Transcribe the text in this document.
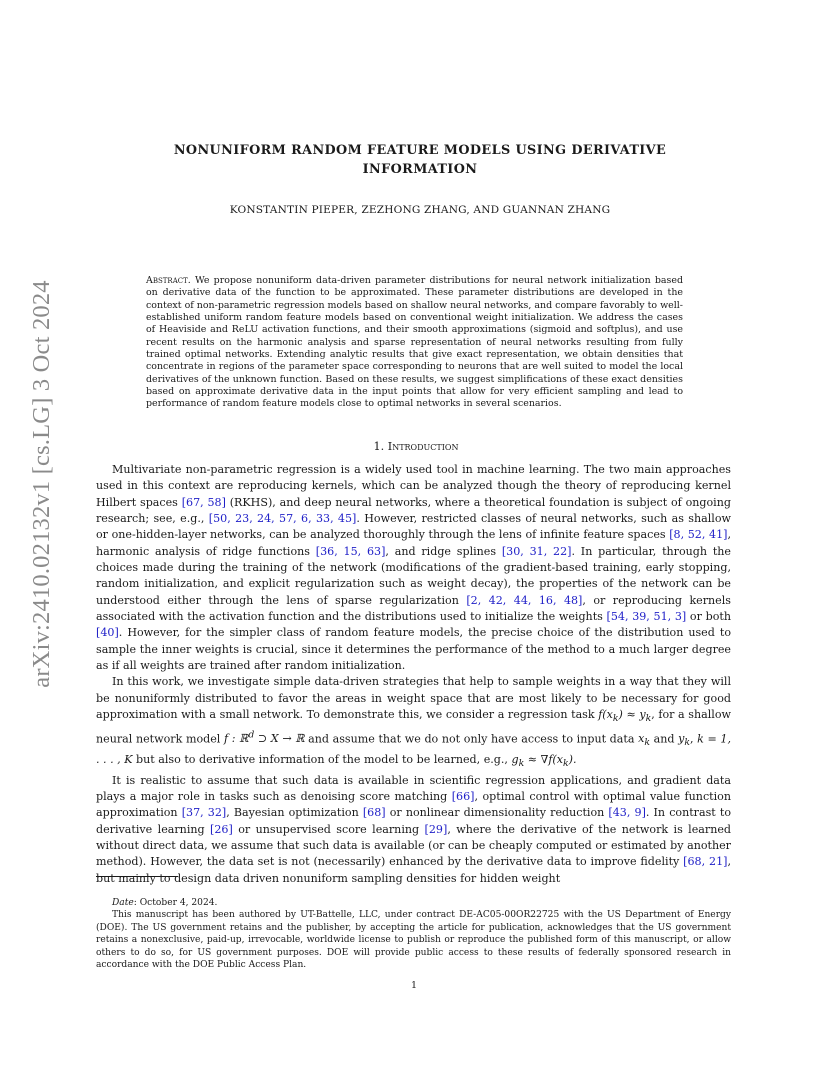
arXiv:2410.02132v1 [cs.LG] 3 Oct 2024
NONUNIFORM RANDOM FEATURE MODELS USING DERIVATIVE
INFORMATION
KONSTANTIN PIEPER, ZEZHONG ZHANG, AND GUANNAN ZHANG
Abstract. We propose nonuniform data-driven parameter distributions for neural network initialization based on derivative data of the function to be approximated. These parameter distributions are developed in the context of non-parametric regression models based on shallow neural networks, and compare favorably to well-established uniform random feature models based on conventional weight initialization. We address the cases of Heaviside and ReLU activation functions, and their smooth approximations (sigmoid and softplus), and use recent results on the harmonic analysis and sparse representation of neural networks resulting from fully trained optimal networks. Extending analytic results that give exact representation, we obtain densities that concentrate in regions of the parameter space corresponding to neurons that are well suited to model the local derivatives of the unknown function. Based on these results, we suggest simplifications of these exact densities based on approximate derivative data in the input points that allow for very efficient sampling and lead to performance of random feature models close to optimal networks in several scenarios.
1. Introduction

Multivariate non-parametric regression is a widely used tool in machine learning. The two main approaches used in this context are reproducing kernels, which can be analyzed though the theory of reproducing kernel Hilbert spaces [67, 58] (RKHS), and deep neural networks, where a theoretical foundation is subject of ongoing research; see, e.g., [50, 23, 24, 57, 6, 33, 45]. However, restricted classes of neural networks, such as shallow or one-hidden-layer networks, can be analyzed thoroughly through the lens of infinite feature spaces [8, 52, 41], harmonic analysis of ridge functions [36, 15, 63], and ridge splines [30, 31, 22]. In particular, through the choices made during the training of the network (modifications of the gradient-based training, early stopping, random initialization, and explicit regularization such as weight decay), the properties of the network can be understood either through the lens of sparse regularization [2, 42, 44, 16, 48], or reproducing kernels associated with the activation function and the distributions used to initialize the weights [54, 39, 51, 3] or both [40]. However, for the simpler class of random feature models, the precise choice of the distribution used to sample the inner weights is crucial, since it determines the performance of the method to a much larger degree as if all weights are trained after random initialization.

In this work, we investigate simple data-driven strategies that help to sample weights in a way that they will be nonuniformly distributed to favor the areas in weight space that are most likely to be necessary for good approximation with a small network. To demonstrate this, we consider a regression task $f(x_k) \approx y_k$, for a shallow neural network model f : ℝ$^d$ ⊃ X → ℝ and assume that we do not only have access to input data $x_k$ and $y_k$, k = 1, . . . , K but also to derivative information of the model to be learned, e.g., $g_k \approx \nabla f(x_k)$.

It is realistic to assume that such data is available in scientific regression applications, and gradient data plays a major role in tasks such as denoising score matching [66], optimal control with optimal value function approximation [37, 32], Bayesian optimization [68] or nonlinear dimensionality reduction [43, 9]. In contrast to derivative learning [26] or unsupervised score learning [29], where the derivative of the network is learned without direct data, we assume that such data is available (or can be cheaply computed or estimated by another method). However, the data set is not (necessarily) enhanced by the derivative data to improve fidelity [68, 21], but mainly to design data driven nonuniform sampling densities for hidden weight

Date: October 4, 2024.

This manuscript has been authored by UT-Battelle, LLC, under contract DE-AC05-00OR22725 with the US Department of Energy (DOE). The US government retains and the publisher, by accepting the article for publication, acknowledges that the US government retains a nonexclusive, paid-up, irrevocable, worldwide license to publish or reproduce the published form of this manuscript, or allow others to do so, for US government purposes. DOE will provide public access to these results of federally sponsored research in accordance with the DOE Public Access Plan.

1
